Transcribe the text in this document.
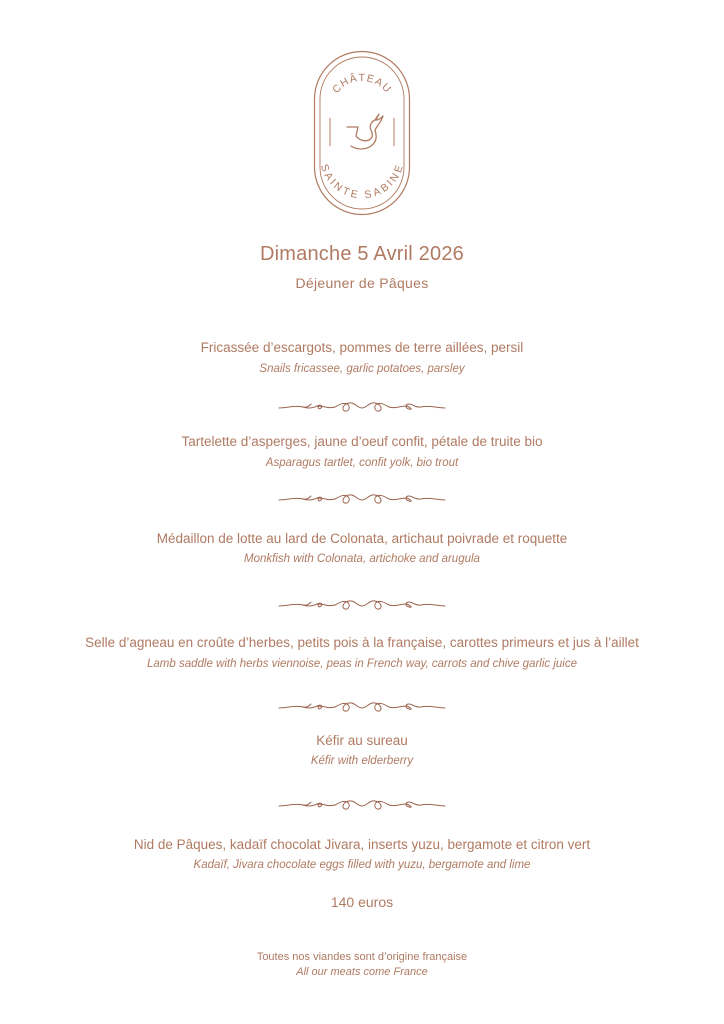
CHÂTEAU
SAINTE SABINE
Dimanche 5 Avril 2026
Déjeuner de Pâques
Fricassée d’escargots, pommes de terre aillées, persil
Snails fricassee, garlic potatoes, parsley
Tartelette d’asperges, jaune d’oeuf confit, pétale de truite bio
Asparagus tartlet, confit yolk, bio trout
Médaillon de lotte au lard de Colonata, artichaut poivrade et roquette
Monkfish with Colonata, artichoke and arugula
Selle d’agneau en croûte d’herbes, petits pois à la française, carottes primeurs et jus à l’aillet
Lamb saddle with herbs viennoise, peas in French way, carrots and chive garlic juice
Kéfir au sureau
Kéfir with elderberry
Nid de Pâques, kadaïf chocolat Jivara, inserts yuzu, bergamote et citron vert
Kadaïf, Jivara chocolate eggs filled with yuzu, bergamote and lime
140 euros
Toutes nos viandes sont d’origine française
All our meats come France
